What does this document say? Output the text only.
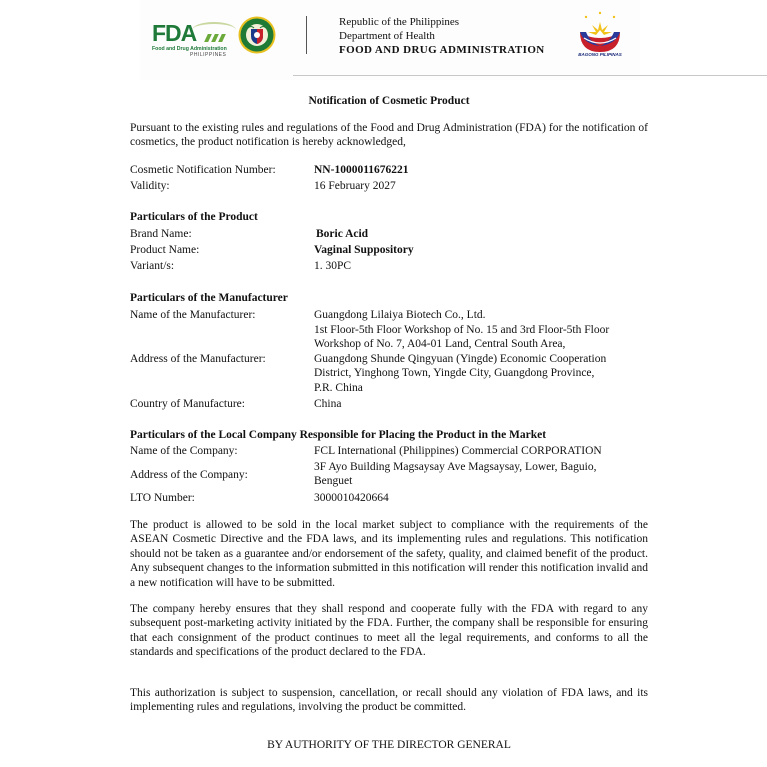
FDA
Food and Drug Administration
PHILIPPINES
Republic of the Philippines
Department of Health
FOOD AND DRUG ADMINISTRATION	BAGONG PILIPINAS
Notification of Cosmetic Product
Pursuant to the existing rules and regulations of the Food and Drug Administration (FDA) for the notification of cosmetics, the product notification is hereby acknowledged,
Cosmetic Notification Number:	NN-1000011676221
Validity:	16 February 2027
Particulars of the Product
Brand Name:	Boric Acid
Product Name:	Vaginal Suppository
Variant/s:	1. 30PC
Particulars of the Manufacturer
Name of the Manufacturer:	Guangdong Lilaiya Biotech Co., Ltd.
Address of the Manufacturer:
1st Floor-5th Floor Workshop of No. 15 and 3rd Floor-5th Floor
Workshop of No. 7, A04-01 Land, Central South Area,
Guangdong Shunde Qingyuan (Yingde) Economic Cooperation
District, Yinghong Town, Yingde City, Guangdong Province,
P.R. China
Country of Manufacture:	China
Particulars of the Local Company Responsible for Placing the Product in the Market
Name of the Company:	FCL International (Philippines) Commercial CORPORATION
Address of the Company:
3F Ayo Building Magsaysay Ave Magsaysay, Lower, Baguio,
Benguet
LTO Number:	3000010420664
The product is allowed to be sold in the local market subject to compliance with the requirements of the ASEAN Cosmetic Directive and the FDA laws, and its implementing rules and regulations. This notification should not be taken as a guarantee and/or endorsement of the safety, quality, and claimed benefit of the product. Any subsequent changes to the information submitted in this notification will render this notification invalid and a new notification will have to be submitted.
The company hereby ensures that they shall respond and cooperate fully with the FDA with regard to any subsequent post-marketing activity initiated by the FDA. Further, the company shall be responsible for ensuring that each consignment of the product continues to meet all the legal requirements, and conforms to all the standards and specifications of the product declared to the FDA.
This authorization is subject to suspension, cancellation, or recall should any violation of FDA laws, and its implementing rules and regulations, involving the product be committed.
BY AUTHORITY OF THE DIRECTOR GENERAL
